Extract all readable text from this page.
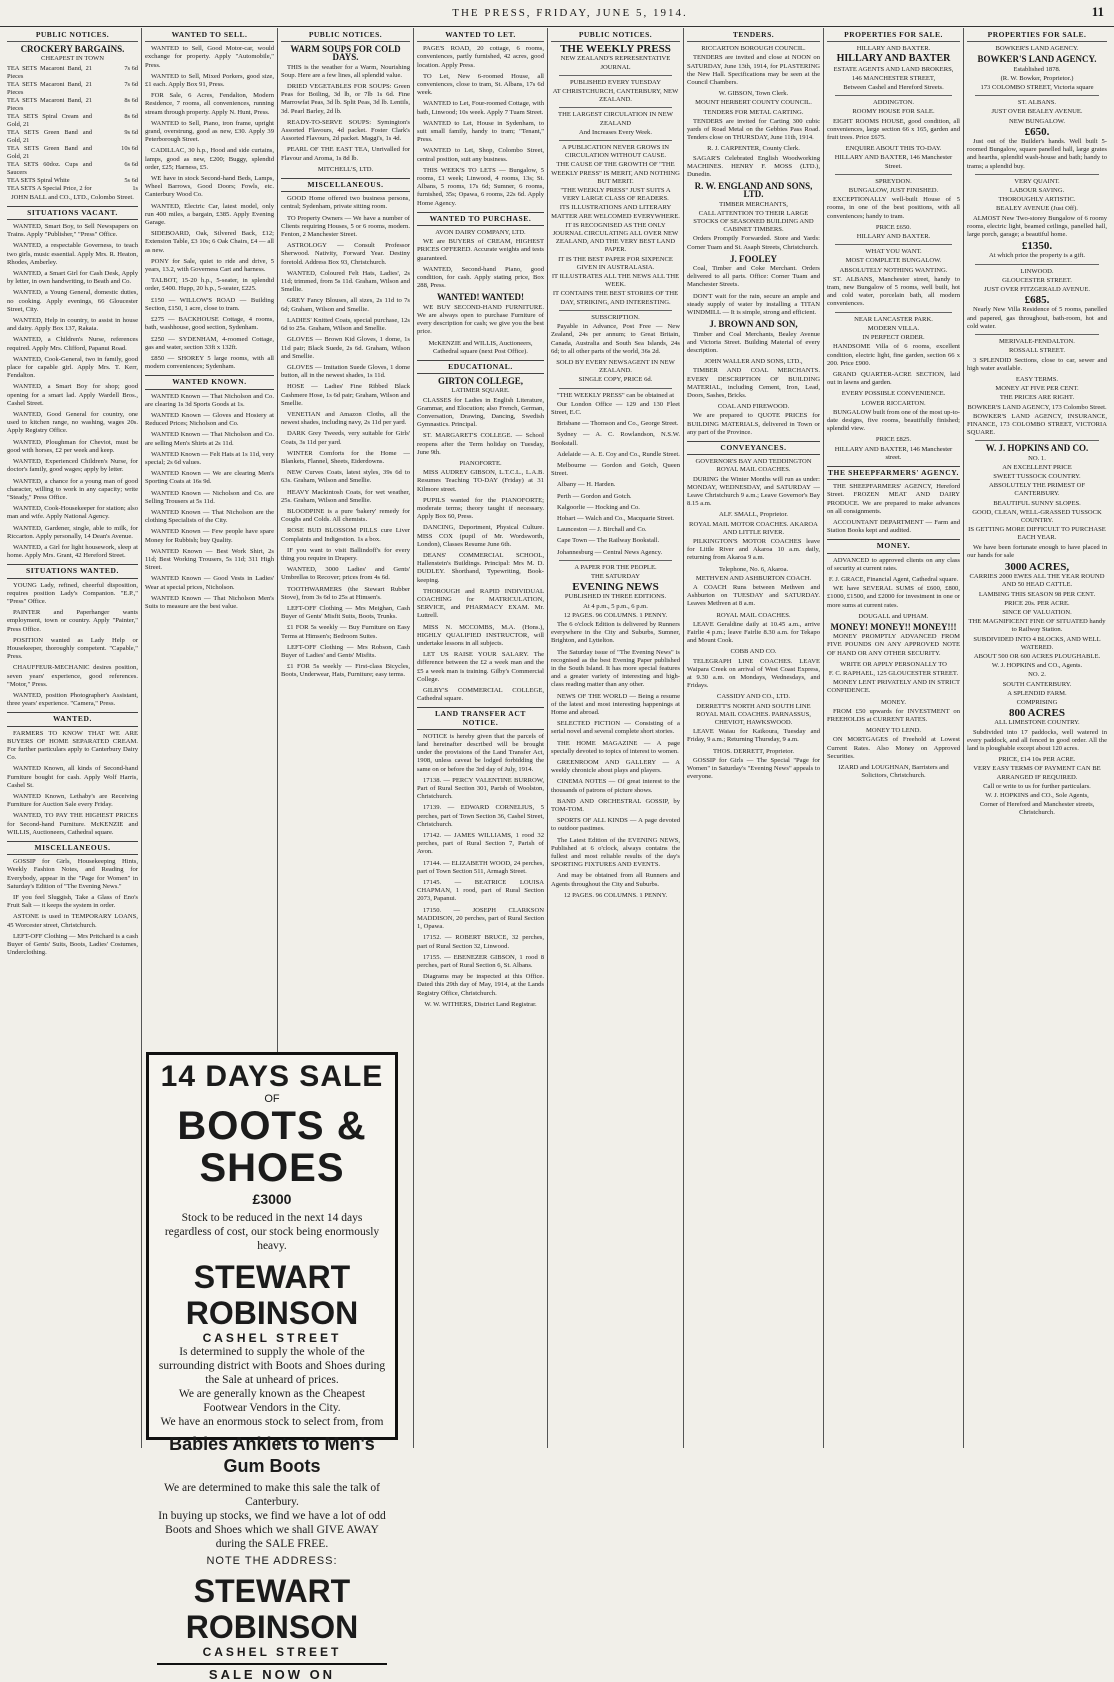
THE PRESS, FRIDAY, JUNE 5, 1914.	11
PUBLIC NOTICES.
CROCKERY BARGAINS.
CHEAPEST IN TOWN
TEA SETS Macaroni Band, 21 Pieces	7s 6d
TEA SETS Macaroni Band, 21 Pieces	7s 6d
TEA SETS Macaroni Band, 21 Pieces	8s 6d
TEA SETS Spiral Cream and Gold, 21	8s 6d
TEA SETS Green Band and Gold, 21	9s 6d
TEA SETS Green Band and Gold, 21	10s 6d
TEA SETS 60doz. Cups and Saucers	6s 6d
TEA SETS Spiral White	5s 6d
TEA SETS A Special Price, 2 for	1s
JOHN BALL and CO., LTD., Colombo Street.
SITUATIONS VACANT.
WANTED, Smart Boy, to Sell Newspapers on Trains. Apply "Publisher," "Press" Office.
WANTED, a respectable Governess, to teach two girls, music essential. Apply Mrs. R. Heaton, Rhodes, Amberley.
WANTED, a Smart Girl for Cash Desk, Apply by letter, in own handwriting, to Beath and Co.
WANTED, a Young General, domestic duties, no cooking. Apply evenings, 66 Gloucester Street, City.
WANTED, Help in country, to assist in house and dairy. Apply Box 137, Rakaia.
WANTED, a Children's Nurse, references required. Apply Mrs. Clifford, Papanui Road.
WANTED, Cook-General, two in family, good place for capable girl. Apply Mrs. T. Kerr, Fendalton.
WANTED, a Smart Boy for shop; good opening for a smart lad. Apply Wardell Bros., Cashel Street.
WANTED, Good General for country, one used to kitchen range, no washing, wages 20s. Apply Registry Office.
WANTED, Ploughman for Cheviot, must be good with horses, £2 per week and keep.
WANTED, Experienced Children's Nurse, for doctor's family, good wages; apply by letter.
WANTED, a chance for a young man of good character, willing to work in any capacity; write "Steady," Press Office.
WANTED, Cook-Housekeeper for station; also man and wife. Apply National Agency.
WANTED, Gardener, single, able to milk, for Riccarton. Apply personally, 14 Dean's Avenue.
WANTED, a Girl for light housework, sleep at home. Apply Mrs. Grant, 42 Hereford Street.
SITUATIONS WANTED.
YOUNG Lady, refined, cheerful disposition, requires position Lady's Companion. "E.P.," "Press" Office.
PAINTER and Paperhanger wants employment, town or country. Apply "Painter," Press Office.
POSITION wanted as Lady Help or Housekeeper, thoroughly competent. "Capable," Press.
CHAUFFEUR-MECHANIC desires position, seven years' experience, good references. "Motor," Press.
WANTED, position Photographer's Assistant, three years' experience. "Camera," Press.
WANTED.
FARMERS TO KNOW THAT WE ARE BUYERS OF HOME SEPARATED CREAM. For further particulars apply to Canterbury Dairy Co.
WANTED Known, all kinds of Second-hand Furniture bought for cash. Apply Wolf Harris, Cashel St.
WANTED Known, Lethaby's are Receiving Furniture for Auction Sale every Friday.
WANTED, TO PAY THE HIGHEST PRICES for Second-hand Furniture. McKENZIE and WILLIS, Auctioneers, Cathedral square.
MISCELLANEOUS.
GOSSIP for Girls, Housekeeping Hints, Weekly Fashion Notes, and Reading for Everybody, appear in the "Page for Women" in Saturday's Edition of "The Evening News."
IF you feel Sluggish, Take a Glass of Eno's Fruit Salt — it keeps the system in order.
ASTONE is used in TEMPORARY LOANS, 45 Worcester street, Christchurch.
LEFT-OFF Clothing — Mrs Pritchard is a cash Buyer of Gents' Suits, Boots, Ladies' Costumes, Underclothing.
WANTED TO SELL.
WANTED to Sell, Good Motor-car, would exchange for property. Apply "Automobile," Press.
WANTED to Sell, Mixed Porkers, good size, £1 each. Apply Box 91, Press.
FOR Sale, 6 Acres, Fendalton, Modern Residence, 7 rooms, all conveniences, running stream through property. Apply N. Hunt, Press.
WANTED to Sell, Piano, iron frame, upright grand, overstrung, good as new, £30. Apply 39 Peterborough Street.
CADILLAC, 30 h.p., Hood and side curtains, lamps, good as new, £200; Buggy, splendid order, £25; Harness, £5.
WE have in stock Second-hand Beds, Lamps, Wheel Barrows, Good Doors; Fowls, etc. Canterbury Wood Co.
WANTED, Electric Car, latest model, only run 400 miles, a bargain, £385. Apply Evening Garage.
SIDEBOARD, Oak, Silvered Back, £12; Extension Table, £3 10s; 6 Oak Chairs, £4 — all as new.
PONY for Sale, quiet to ride and drive, 5 years, 13.2, with Governess Cart and harness.
TALBOT, 15-20 h.p., 5-seater, in splendid order, £400. Hupp, 20 h.p., 5-seater, £225.
£150 — WILLOW'S ROAD — Building Section, £150, 1 acre, close to tram.
£275 — BACKHOUSE Cottage, 4 rooms, bath, washhouse, good section, Sydenham.
£250 — SYDENHAM, 4-roomed Cottage, gas and water, section 33ft x 132ft.
£850 — SHOREY 5 large rooms, with all modern conveniences; Sydenham.
WANTED KNOWN.
WANTED Known — That Nicholson and Co. are clearing 1s 3d Sports Goods at 1s.
WANTED Known — Gloves and Hosiery at Reduced Prices; Nicholson and Co.
WANTED Known — That Nicholson and Co. are selling Men's Shirts at 2s 11d.
WANTED Known — Felt Hats at 1s 11d, very special; 2s 6d values.
WANTED Known — We are clearing Men's Sporting Coats at 16s 9d.
WANTED Known — Nicholson and Co. are Selling Trousers at 5s 11d.
WANTED Known — That Nicholson are the clothing Specialists of the City.
WANTED Known — Few people have spare Money for Rubbish; buy Quality.
WANTED Known — Best Work Shirt, 2s 11d; Best Working Trousers, 5s 11d; 311 High Street.
WANTED Known — Good Vests in Ladies' Wear at special prices, Nicholson.
WANTED Known — That Nicholson Men's Suits to measure are the best value.
PUBLIC NOTICES.
WARM SOUPS FOR COLD DAYS.
THIS is the weather for a Warm, Nourishing Soup. Here are a few lines, all splendid value.
DRIED VEGETABLES FOR SOUPS: Green Peas for Boiling, 3d lb, or 7lb 1s 6d. Fine Marrowfat Peas, 3d lb. Split Peas, 3d lb. Lentils, 3d. Pearl Barley, 2d lb.
READY-TO-SERVE SOUPS: Symington's Assorted Flavours, 4d packet. Foster Clark's Assorted Flavours, 2d packet. Maggi's, 1s 4d.
PEARL OF THE EAST TEA, Unrivalled for Flavour and Aroma, 1s 8d lb.
MITCHELL'S, LTD.
MISCELLANEOUS.
GOOD Home offered two business persons, central; Sydenham, private sitting room.
TO Property Owners — We have a number of Clients requiring Houses, 5 or 6 rooms, modern. Fenton, 2 Manchester Street.
ASTROLOGY — Consult Professor Sherwood. Nativity, Forward Year. Destiny foretold. Address Box 93, Christchurch.
WANTED, Coloured Felt Hats, Ladies', 2s 11d; trimmed, from 5s 11d. Graham, Wilson and Smellie.
GREY Fancy Blouses, all sizes, 2s 11d to 7s 6d; Graham, Wilson and Smellie.
LADIES' Knitted Coats, special purchase, 12s 6d to 25s. Graham, Wilson and Smellie.
GLOVES — Brown Kid Gloves, 1 dome, 1s 11d pair; Black Suede, 2s 6d. Graham, Wilson and Smellie.
GLOVES — Imitation Suede Gloves, 1 dome button, all in the newest shades, 1s 11d.
HOSE — Ladies' Fine Ribbed Black Cashmere Hose, 1s 6d pair; Graham, Wilson and Smellie.
VENETIAN and Amazon Cloths, all the newest shades, including navy, 2s 11d per yard.
DARK Grey Tweeds, very suitable for Girls' Coats, 3s 11d per yard.
WINTER Comforts for the Home — Blankets, Flannel, Sheets, Eiderdowns.
NEW Curves Coats, latest styles, 39s 6d to 63s. Graham, Wilson and Smellie.
HEAVY Mackintosh Coats, for wet weather, 25s. Graham, Wilson and Smellie.
BLOODPINE is a pure 'bakery' remedy for Coughs and Colds. All chemists.
ROSE BUD BLOSSOM PILLS cure Liver Complaints and Indigestion. 1s a box.
IF you want to visit Ballindoff's for every thing you require in Drapery.
WANTED, 3000 Ladies' and Gents' Umbrellas to Recover; prices from 4s 6d.
TOOTHWARMERS (the Stewart Rubber Stove), from 3s 6d to 25s at Himsen's.
LEFT-OFF Clothing — Mrs Meighan, Cash Buyer of Gents' Misfit Suits, Boots, Trunks.
£1 FOR 5s weekly — Buy Furniture on Easy Terms at Himsen's; Bedroom Suites.
LEFT-OFF Clothing — Mrs Robson, Cash Buyer of Ladies' and Gents' Misfits.
£1 FOR 5s weekly — First-class Bicycles, Boots, Underwear, Hats, Furniture; easy terms.
WANTED TO LET.
PAGE'S ROAD, 20 cottage, 6 rooms, conveniences, partly furnished, 42 acres, good location. Apply Press.
TO Let, New 6-roomed House, all conveniences, close to tram, St. Albans, 17s 6d week.
WANTED to Let, Four-roomed Cottage, with bath, Linwood; 10s week. Apply 7 Tuam Street.
WANTED to Let, House in Sydenham, to suit small family, handy to tram; "Tenant," Press.
WANTED to Let, Shop, Colombo Street, central position, suit any business.
THIS WEEK'S TO LETS — Bungalow, 5 rooms, £1 week; Linwood, 4 rooms, 13s; St. Albans, 5 rooms, 17s 6d; Sumner, 6 rooms, furnished, 35s; Opawa, 6 rooms, 22s 6d. Apply Home Agency.
WANTED TO PURCHASE.
AVON DAIRY COMPANY, LTD.
WE are BUYERS of CREAM, HIGHEST PRICES OFFERED. Accurate weights and tests guaranteed.
WANTED, Second-hand Piano, good condition, for cash. Apply stating price, Box 288, Press.
WANTED! WANTED!
WE BUY SECOND-HAND FURNITURE. We are always open to purchase Furniture of every description for cash; we give you the best price.
McKENZIE and WILLIS, Auctioneers, Cathedral square (next Post Office).
EDUCATIONAL.
GIRTON COLLEGE,
LATIMER SQUARE.
CLASSES for Ladies in English Literature, Grammar, and Elocution; also French, German, Conversation, Drawing, Dancing, Swedish Gymnastics. Principal.
ST. MARGARET'S COLLEGE. — School reopens after the Term holiday on Tuesday, June 9th.
PIANOFORTE.
MISS AUDREY GIBSON, L.T.C.L., L.A.B. Resumes Teaching TO-DAY (Friday) at 31 Kilmore street.
PUPILS wanted for the PIANOFORTE; moderate terms; theory taught if necessary. Apply Box 60, Press.
DANCING, Deportment, Physical Culture. MISS COX (pupil of Mr. Wordsworth, London), Classes Resume June 6th.
DEANS' COMMERCIAL SCHOOL, Hallenstein's Buildings. Principal: Mrs M. D. DUDLEY. Shorthand, Typewriting, Book-keeping.
THOROUGH and RAPID INDIVIDUAL COACHING for MATRICULATION, SERVICE, and PHARMACY EXAM. Mr. Luttrell.
MISS N. MCCOMBS, M.A. (Hons.), HIGHLY QUALIFIED INSTRUCTOR, will undertake lessons in all subjects.
LET US RAISE YOUR SALARY. The difference between the £2 a week man and the £5 a week man is training. Gilby's Commercial College.
GILBY'S COMMERCIAL COLLEGE, Cathedral square.
LAND TRANSFER ACT NOTICE.
NOTICE is hereby given that the parcels of land hereinafter described will be brought under the provisions of the Land Transfer Act, 1908, unless caveat be lodged forbidding the same on or before the 3rd day of July, 1914.
17138. — PERCY VALENTINE BURROW, Part of Rural Section 301, Parish of Woolston, Christchurch.
17139. — EDWARD CORNELIUS, 5 perches, part of Town Section 36, Cashel Street, Christchurch.
17142. — JAMES WILLIAMS, 1 rood 32 perches, part of Rural Section 7, Parish of Avon.
17144. — ELIZABETH WOOD, 24 perches, part of Town Section 511, Armagh Street.
17145. — BEATRICE LOUISA CHAPMAN, 1 rood, part of Rural Section 2073, Papanui.
17150. — JOSEPH CLARKSON MADDISON, 20 perches, part of Rural Section 1, Opawa.
17152. — ROBERT BRUCE, 32 perches, part of Rural Section 32, Linwood.
17155. — EBENEZER GIBSON, 1 rood 8 perches, part of Rural Section 6, St. Albans.
Diagrams may be inspected at this Office. Dated this 29th day of May, 1914, at the Lands Registry Office, Christchurch.
W. W. WITHERS, District Land Registrar.
PUBLIC NOTICES.
THE WEEKLY PRESS
NEW ZEALAND'S REPRESENTATIVE JOURNAL
PUBLISHED EVERY TUESDAY
AT CHRISTCHURCH, CANTERBURY, NEW ZEALAND.
THE LARGEST CIRCULATION IN NEW ZEALAND
And Increases Every Week.
A PUBLICATION NEVER GROWS IN CIRCULATION WITHOUT CAUSE.
THE CAUSE OF THE GROWTH OF "THE WEEKLY PRESS" IS MERIT, AND NOTHING BUT MERIT.
"THE WEEKLY PRESS" JUST SUITS A VERY LARGE CLASS OF READERS.
ITS ILLUSTRATIONS AND LITERARY MATTER ARE WELCOMED EVERYWHERE.
IT IS RECOGNISED AS THE ONLY JOURNAL CIRCULATING ALL OVER NEW ZEALAND, AND THE VERY BEST LAND PAPER.
IT IS THE BEST PAPER FOR SIXPENCE GIVEN IN AUSTRALASIA.
IT ILLUSTRATES ALL THE NEWS ALL THE WEEK.
IT CONTAINS THE BEST STORIES OF THE DAY, STRIKING, AND INTERESTING.
SUBSCRIPTION.
Payable in Advance, Post Free — New Zealand, 24s per annum; to Great Britain, Canada, Australia and South Sea Islands, 24s 6d; to all other parts of the world, 36s 2d.
SOLD BY EVERY NEWSAGENT IN NEW ZEALAND.
SINGLE COPY, PRICE 6d.
"THE WEEKLY PRESS" can be obtained at
Our London Office — 129 and 130 Fleet Street, E.C.
Brisbane — Thomson and Co., George Street.
Sydney — A. C. Rowlandson, N.S.W. Bookstall.
Adelaide — A. E. Coy and Co., Rundle Street.
Melbourne — Gordon and Gotch, Queen Street.
Albany — H. Harden.
Perth — Gordon and Gotch.
Kalgoorlie — Hocking and Co.
Hobart — Walch and Co., Macquarie Street.
Launceston — J. Birchall and Co.
Cape Town — The Railway Bookstall.
Johannesburg — Central News Agency.
A PAPER FOR THE PEOPLE.
THE SATURDAY
EVENING NEWS
PUBLISHED IN THREE EDITIONS.
At 4 p.m., 5 p.m., 6 p.m.
12 PAGES. 96 COLUMNS. 1 PENNY.
The 6 o'clock Edition is delivered by Runners everywhere in the City and Suburbs, Sumner, Brighton, and Lyttelton.
The Saturday issue of "The Evening News" is recognised as the best Evening Paper published in the South Island. It has more special features and a greater variety of interesting and high-class reading matter than any other.
NEWS OF THE WORLD — Being a resume of the latest and most interesting happenings at Home and abroad.
SELECTED FICTION — Consisting of a serial novel and several complete short stories.
THE HOME MAGAZINE — A page specially devoted to topics of interest to women.
GREENROOM AND GALLERY — A weekly chronicle about plays and players.
CINEMA NOTES — Of great interest to the thousands of patrons of picture shows.
BAND AND ORCHESTRAL GOSSIP, by TOM-TOM.
SPORTS OF ALL KINDS — A page devoted to outdoor pastimes.
The Latest Edition of the EVENING NEWS, Published at 6 o'clock, always contains the fullest and most reliable results of the day's SPORTING FIXTURES AND EVENTS.
And may be obtained from all Runners and Agents throughout the City and Suburbs.
12 PAGES. 96 COLUMNS. 1 PENNY.
TENDERS.
RICCARTON BOROUGH COUNCIL.
TENDERS are invited and close at NOON on SATURDAY, June 13th, 1914, for PLASTERING the New Hall. Specifications may be seen at the Council Chambers.
W. GIBSON, Town Clerk.
MOUNT HERBERT COUNTY COUNCIL.
TENDERS FOR METAL CARTING.
TENDERS are invited for Carting 300 cubic yards of Road Metal on the Gebbies Pass Road. Tenders close on THURSDAY, June 11th, 1914.
R. J. CARPENTER, County Clerk.
SAGAR'S Celebrated English Woodworking MACHINES. HENRY F. MOSS (LTD.), Dunedin.
R. W. ENGLAND AND SONS, LTD.
TIMBER MERCHANTS,
CALL ATTENTION TO THEIR LARGE STOCKS OF SEASONED BUILDING AND CABINET TIMBERS.
Orders Promptly Forwarded. Store and Yards: Corner Tuam and St. Asaph Streets, Christchurch.
J. FOOLEY
Coal, Timber and Coke Merchant. Orders delivered to all parts. Office: Corner Tuam and Manchester Streets.
DON'T wait for the rain, secure an ample and steady supply of water by installing a TITAN WINDMILL — It is simple, strong and efficient.
J. BROWN AND SON,
Timber and Coal Merchants, Bealey Avenue and Victoria Street. Building Material of every description.
JOHN WALLER AND SONS, LTD.,
TIMBER AND COAL MERCHANTS. EVERY DESCRIPTION OF BUILDING MATERIAL, including Cement, Iron, Lead, Doors, Sashes, Bricks.
COAL AND FIREWOOD.
We are prepared to QUOTE PRICES for BUILDING MATERIALS, delivered in Town or any part of the Province.
CONVEYANCES.
GOVERNOR'S BAY AND TEDDINGTON ROYAL MAIL COACHES.
DURING the Winter Months will run as under: MONDAY, WEDNESDAY, and SATURDAY — Leave Christchurch 9 a.m.; Leave Governor's Bay 8.15 a.m.
ALF. SMALL, Proprietor.
ROYAL MAIL MOTOR COACHES. AKAROA AND LITTLE RIVER.
PILKINGTON'S MOTOR COACHES leave for Little River and Akaroa 10 a.m. daily, returning from Akaroa 9 a.m.
Telephone, No. 6, Akaroa.
METHVEN AND ASHBURTON COACH.
A COACH Runs between Methven and Ashburton on TUESDAY and SATURDAY. Leaves Methven at 8 a.m.
ROYAL MAIL COACHES.
LEAVE Geraldine daily at 10.45 a.m., arrive Fairlie 4 p.m.; leave Fairlie 8.30 a.m. for Tekapo and Mount Cook.
COBB AND CO.
TELEGRAPH LINE COACHES. LEAVE Waipara Creek on arrival of West Coast Express, at 9.30 a.m. on Mondays, Wednesdays, and Fridays.
CASSIDY AND CO., LTD.
DERRETT'S NORTH AND SOUTH LINE ROYAL MAIL COACHES. PARNASSUS, CHEVIOT, HAWKSWOOD.
LEAVE Waiau for Kaikoura, Tuesday and Friday, 9 a.m.; Returning Thursday, 9 a.m.
THOS. DERRETT, Proprietor.
GOSSIP for Girls — The Special "Page for Women" in Saturday's "Evening News" appeals to everyone.
PROPERTIES FOR SALE.
HILLARY AND BAXTER.
HILLARY AND BAXTER
ESTATE AGENTS AND LAND BROKERS,
146 MANCHESTER STREET,
Between Cashel and Hereford Streets.
ADDINGTON.
ROOMY HOUSE FOR SALE.
EIGHT ROOMS HOUSE, good condition, all conveniences, large section 66 x 165, garden and fruit trees. Price £675.
ENQUIRE ABOUT THIS TO-DAY.
HILLARY AND BAXTER, 146 Manchester Street.
SPREYDON.
BUNGALOW, JUST FINISHED.
EXCEPTIONALLY well-built House of 5 rooms, in one of the best positions, with all conveniences; handy to tram.
PRICE £650.
HILLARY AND BAXTER.
WHAT YOU WANT.
MOST COMPLETE BUNGALOW.
ABSOLUTELY NOTHING WANTING.
ST. ALBANS, Manchester street, handy to tram, new Bungalow of 5 rooms, well built, hot and cold water, porcelain bath, all modern conveniences.
NEAR LANCASTER PARK.
MODERN VILLA.
IN PERFECT ORDER.
HANDSOME Villa of 6 rooms, excellent condition, electric light, fine garden, section 66 x 200. Price £900.
GRAND QUARTER-ACRE SECTION, laid out in lawns and garden.
EVERY POSSIBLE CONVENIENCE.
LOWER RICCARTON.
BUNGALOW built from one of the most up-to-date designs, five rooms, beautifully finished; splendid view.
PRICE £825.
HILLARY AND BAXTER, 146 Manchester street.
THE SHEEPFARMERS' AGENCY.
THE SHEEPFARMERS' AGENCY, Hereford Street. FROZEN MEAT AND DAIRY PRODUCE. We are prepared to make advances on all consignments.
ACCOUNTANT DEPARTMENT — Farm and Station Books kept and audited.
MONEY.
ADVANCED to approved clients on any class of security at current rates.
F. J. GRACE, Financial Agent, Cathedral square.
WE have SEVERAL SUMS of £600, £800, £1000, £1500, and £2000 for investment in one or more sums at current rates.
DOUGALL and UPHAM.
MONEY! MONEY!! MONEY!!!
MONEY PROMPTLY ADVANCED FROM FIVE POUNDS ON ANY APPROVED NOTE OF HAND OR ANY OTHER SECURITY.
WRITE OR APPLY PERSONALLY TO
F. C. RAPHAEL, 125 GLOUCESTER STREET.
MONEY LENT PRIVATELY AND IN STRICT CONFIDENCE.
MONEY.
FROM £50 upwards for INVESTMENT on FREEHOLDS at CURRENT RATES.
MONEY TO LEND.
ON MORTGAGES of Freehold at Lowest Current Rates. Also Money on Approved Securities.
IZARD and LOUGHNAN, Barristers and Solicitors, Christchurch.
PROPERTIES FOR SALE.
BOWKER'S LAND AGENCY.
BOWKER'S LAND AGENCY.
Established 1878.
(R. W. Bowker, Proprietor.)
173 COLOMBO STREET, Victoria square
ST. ALBANS.
JUST OVER BEALEY AVENUE.
NEW BUNGALOW.
£650.
Just out of the Builder's hands. Well built 5-roomed Bungalow, square panelled hall, large grates and hearths, splendid wash-house and bath; handy to trams; a splendid buy.
VERY QUAINT.
LABOUR SAVING.
THOROUGHLY ARTISTIC.
BEALEY AVENUE (Just Off).
ALMOST New Two-storey Bungalow of 6 roomy rooms, electric light, beamed ceilings, panelled hall, large porch, garage; a beautiful home.
£1350.
At which price the property is a gift.
LINWOOD.
GLOUCESTER STREET.
JUST OVER FITZGERALD AVENUE.
£685.
Nearly New Villa Residence of 5 rooms, panelled and papered, gas throughout, bath-room, hot and cold water.
MERIVALE-FENDALTON.
ROSSALL STREET.
3 SPLENDID Sections, close to car, sewer and high water available.
EASY TERMS.
MONEY AT FIVE PER CENT.
THE PRICES ARE RIGHT.
BOWKER'S LAND AGENCY, 173 Colombo Street.
BOWKER'S LAND AGENCY, INSURANCE, FINANCE, 173 COLOMBO STREET, VICTORIA SQUARE.
W. J. HOPKINS AND CO.
NO. 1.
AN EXCELLENT PRICE
SWEET TUSSOCK COUNTRY.
ABSOLUTELY THE PRIMEST OF CANTERBURY.
BEAUTIFUL SUNNY SLOPES.
GOOD, CLEAN, WELL-GRASSED TUSSOCK COUNTRY.
IS GETTING MORE DIFFICULT TO PURCHASE EACH YEAR.
We have been fortunate enough to have placed in our hands for sale
3000 ACRES,
CARRIES 2000 EWES ALL THE YEAR ROUND AND 50 HEAD CATTLE.
LAMBING THIS SEASON 98 PER CENT.
PRICE 20s. PER ACRE.
SINCE OF VALUATION.
THE MAGNIFICENT FINE OF SITUATED handy to Railway Station.
SUBDIVIDED INTO 4 BLOCKS, AND WELL WATERED.
ABOUT 500 OR 600 ACRES PLOUGHABLE.
W. J. HOPKINS and CO., Agents.
NO. 2.
SOUTH CANTERBURY.
A SPLENDID FARM.
COMPRISING
800 ACRES
ALL LIMESTONE COUNTRY.
Subdivided into 17 paddocks, well watered in every paddock, and all fenced in good order. All the land is ploughable except about 120 acres.
PRICE, £14 10s PER ACRE.
VERY EASY TERMS OF PAYMENT CAN BE ARRANGED IF REQUIRED.
Call or write to us for further particulars.
W. J. HOPKINS and CO., Sole Agents,
Corner of Hereford and Manchester streets, Christchurch.
14 DAYS SALE
OF
BOOTS & SHOES
£3000
Stock to be reduced in the next 14 days regardless of cost, our stock being enormously heavy.
STEWART ROBINSON
CASHEL STREET
Is determined to supply the whole of the surrounding district with Boots and Shoes during the Sale at unheard of prices.
We are generally known as the Cheapest Footwear Vendors in the City.
We have an enormous stock to select from, from
Babies Anklets to Men's Gum Boots
We are determined to make this sale the talk of Canterbury.
In buying up stocks, we find we have a lot of odd Boots and Shoes which we shall GIVE AWAY during the SALE FREE.
NOTE THE ADDRESS:
STEWART ROBINSON
CASHEL STREET
SALE NOW ON
